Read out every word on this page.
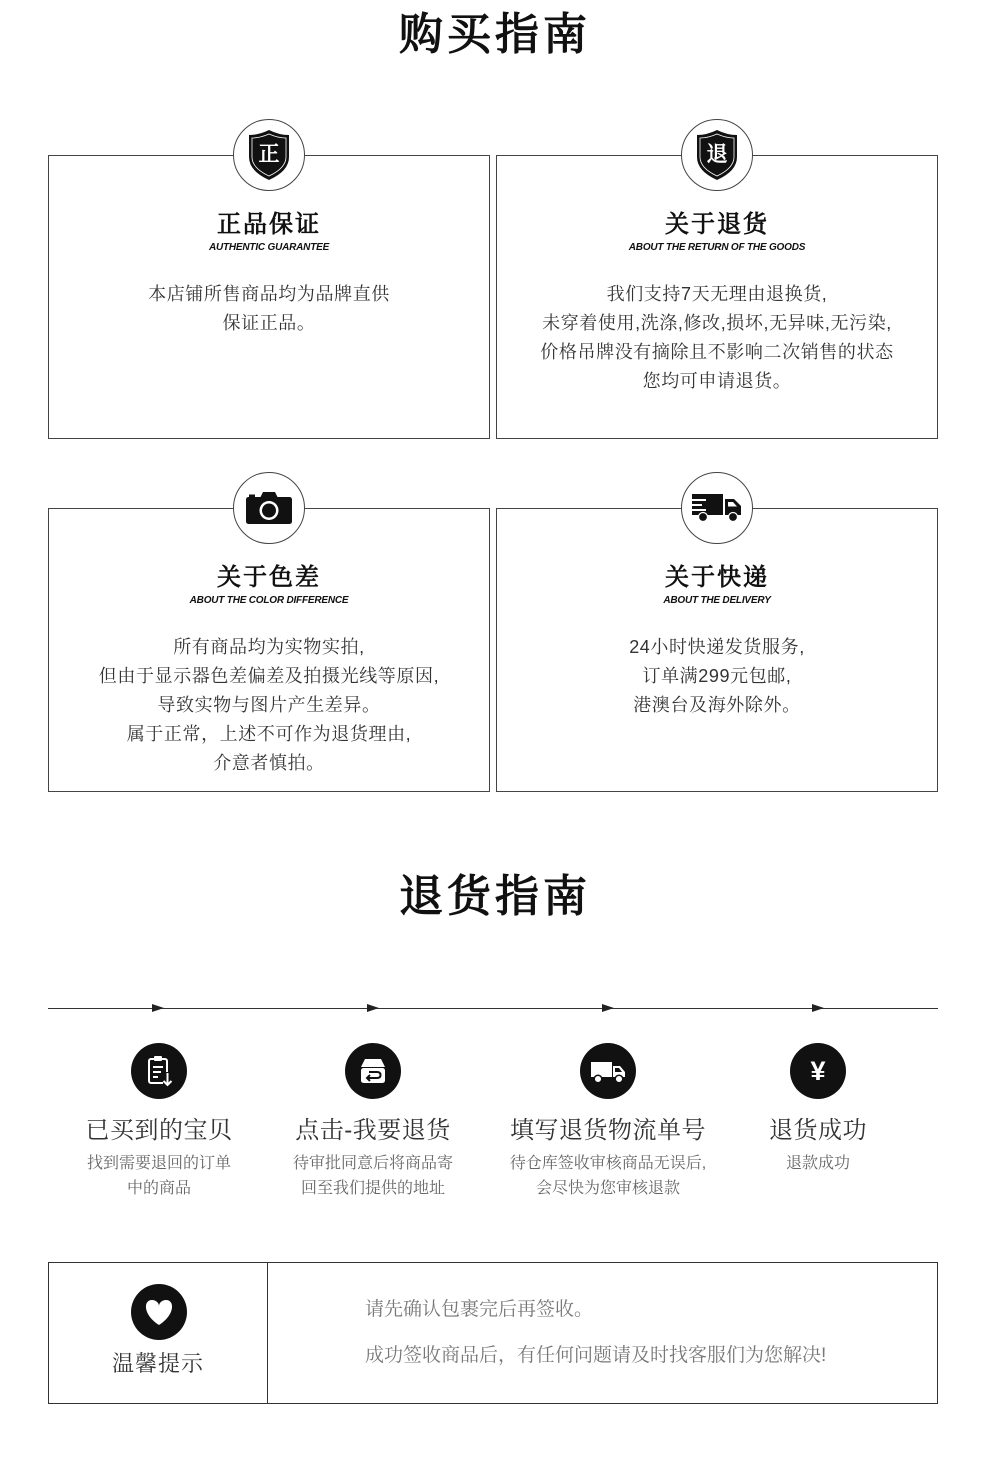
购买指南
正
正品保证
AUTHENTIC GUARANTEE
本店铺所售商品均为品牌直供
保证正品。
退
关于退货
ABOUT THE RETURN OF THE GOODS
我们支持7天无理由退换货,
未穿着使用,洗涤,修改,损坏,无异味,无污染,
价格吊牌没有摘除且不影响二次销售的状态
您均可申请退货。
关于色差
ABOUT THE COLOR DIFFERENCE
所有商品均为实物实拍,
但由于显示器色差偏差及拍摄光线等原因,
导致实物与图片产生差异。
属于正常，上述不可作为退货理由,
介意者慎拍。
关于快递
ABOUT THE DELIVERY
24小时快递发货服务,
订单满299元包邮,
港澳台及海外除外。
退货指南
已买到的宝贝
找到需要退回的订单
中的商品
点击-我要退货
待审批同意后将商品寄
回至我们提供的地址
填写退货物流单号
待仓库签收审核商品无误后,
会尽快为您审核退款
¥
退货成功
退款成功
温馨提示
请先确认包裹完后再签收。
成功签收商品后，有任何问题请及时找客服们为您解决!
